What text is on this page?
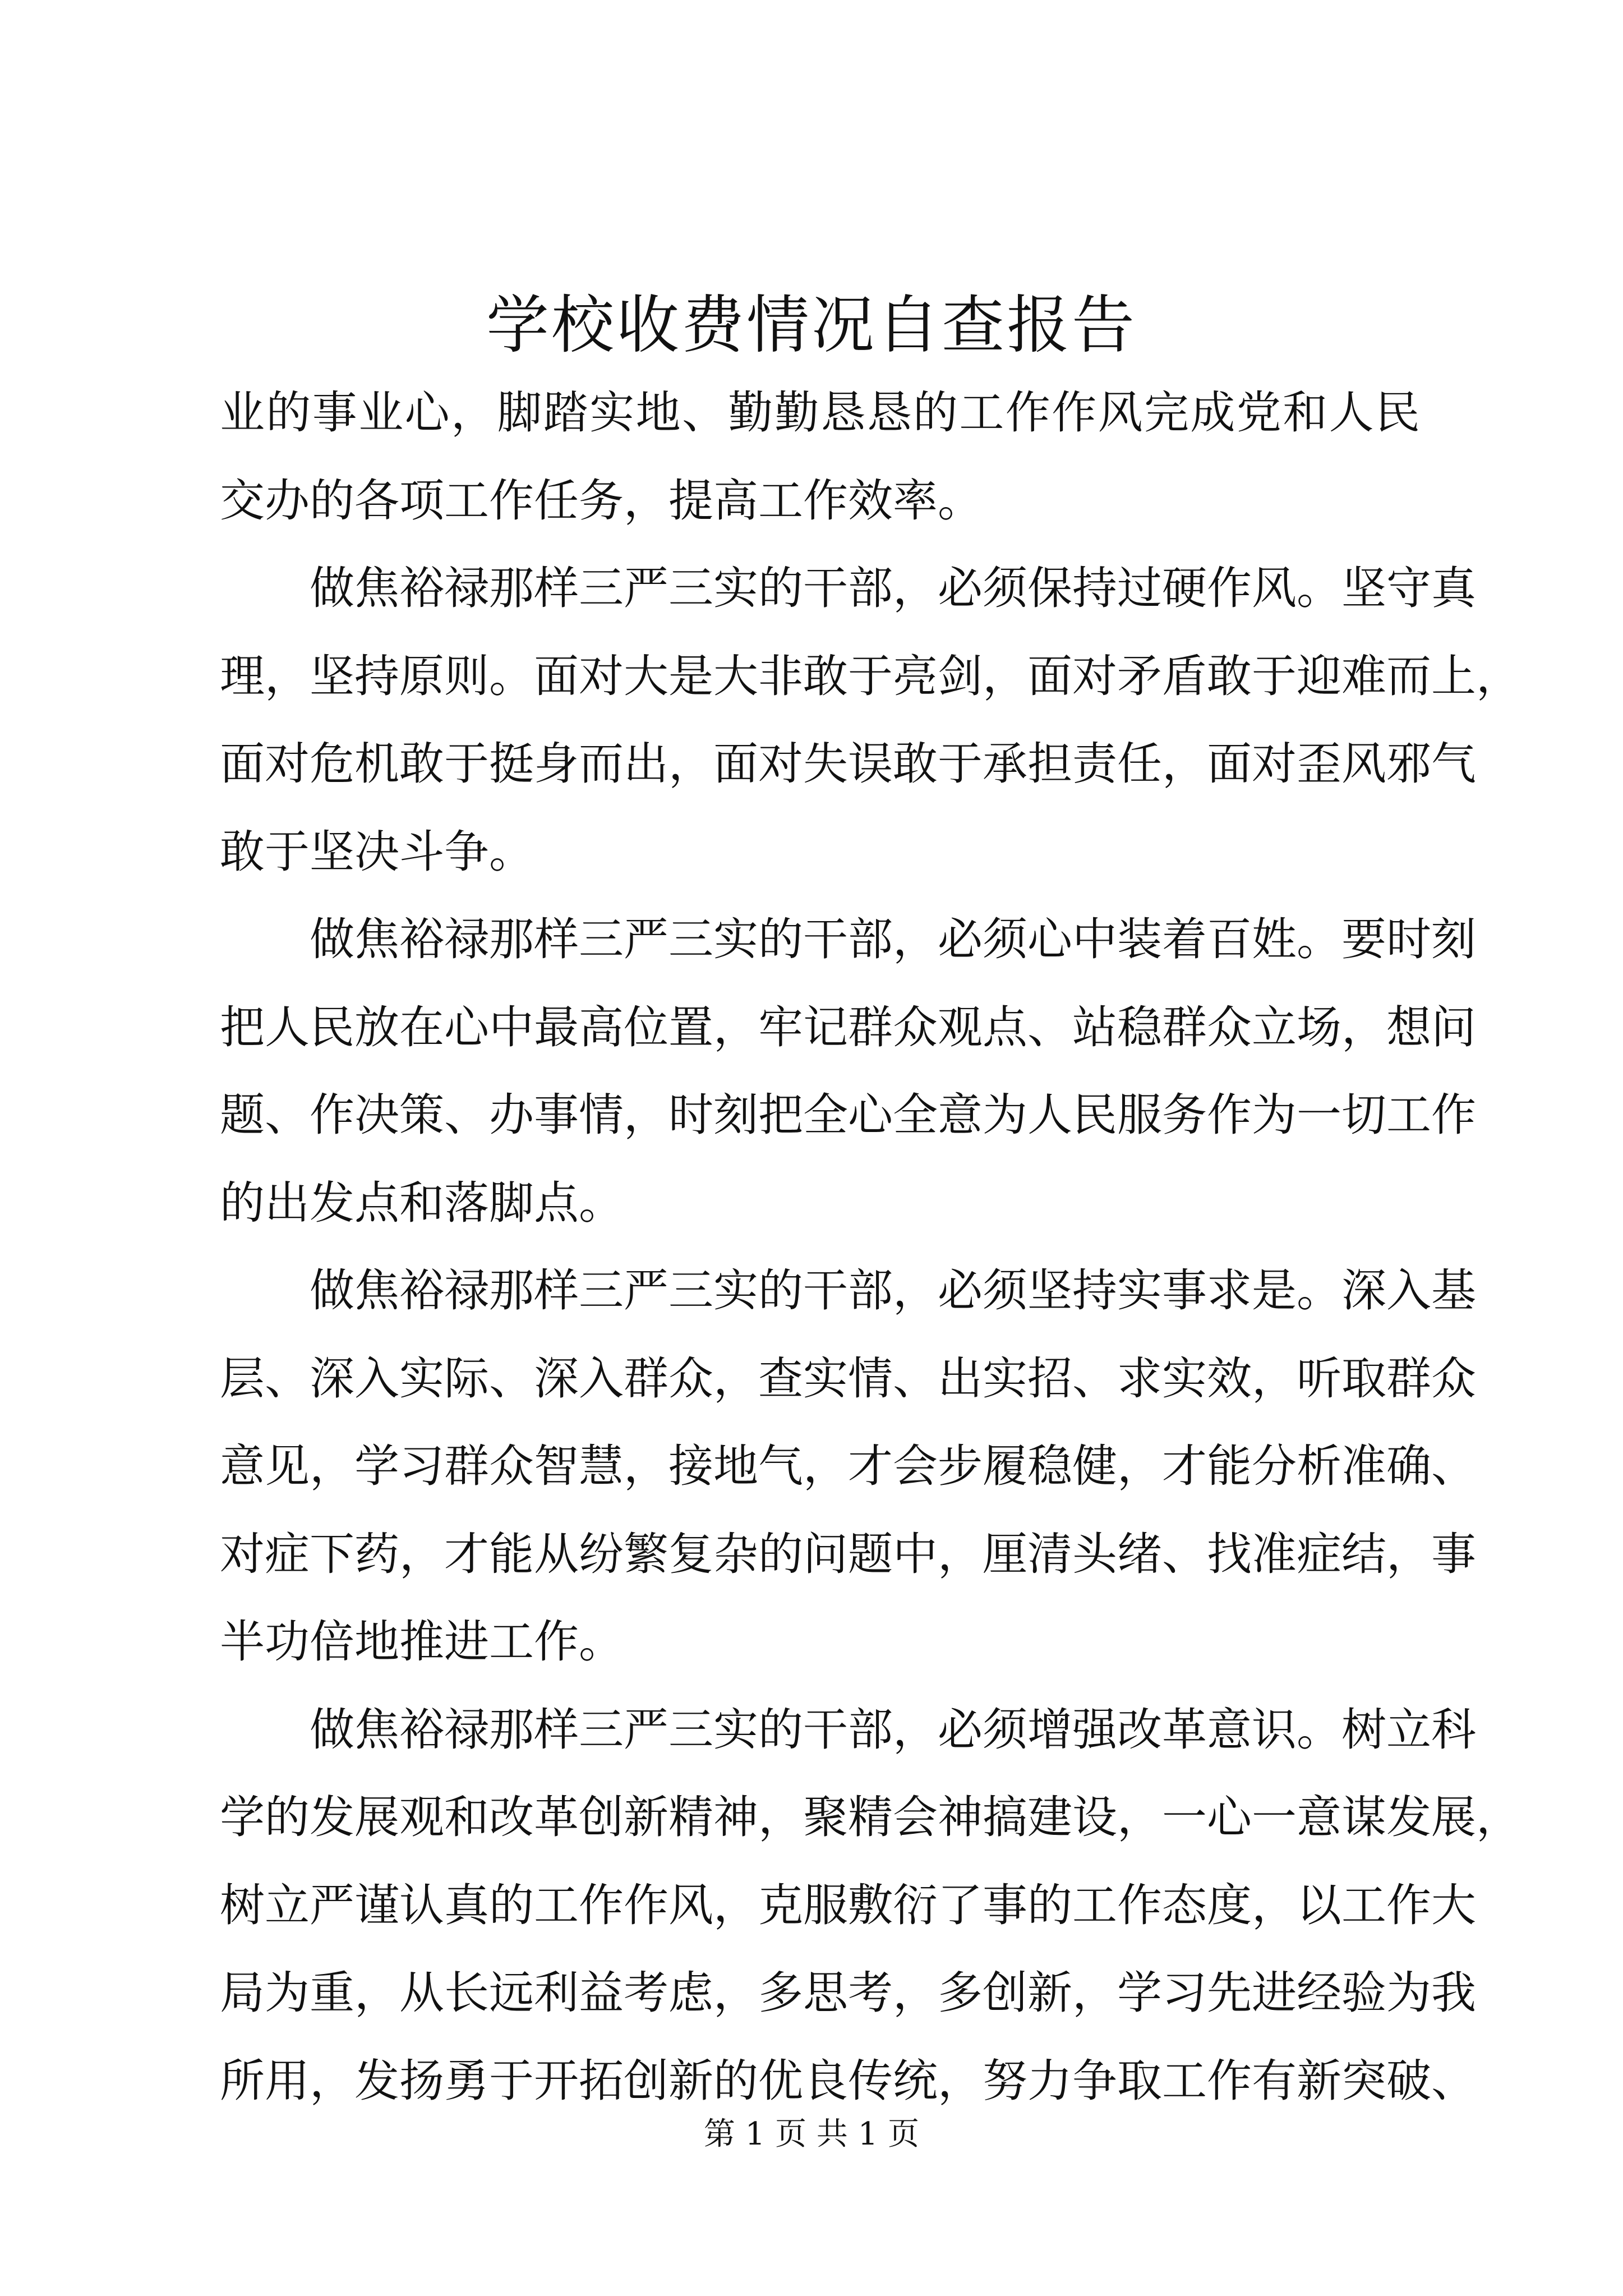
学校收费情况自查报告
业的事业心，脚踏实地、勤勤恳恳的工作作风完成党和人民
交办的各项工作任务，提高工作效率。
做焦裕禄那样三严三实的干部，必须保持过硬作风。坚守真
理，坚持原则。面对大是大非敢于亮剑，面对矛盾敢于迎难而上，
面对危机敢于挺身而出，面对失误敢于承担责任，面对歪风邪气
敢于坚决斗争。
做焦裕禄那样三严三实的干部，必须心中装着百姓。要时刻
把人民放在心中最高位置，牢记群众观点、站稳群众立场，想问
题、作决策、办事情，时刻把全心全意为人民服务作为一切工作
的出发点和落脚点。
做焦裕禄那样三严三实的干部，必须坚持实事求是。深入基
层、深入实际、深入群众，查实情、出实招、求实效，听取群众
意见，学习群众智慧，接地气，才会步履稳健，才能分析准确、
对症下药，才能从纷繁复杂的问题中，厘清头绪、找准症结，事
半功倍地推进工作。
做焦裕禄那样三严三实的干部，必须增强改革意识。树立科
学的发展观和改革创新精神，聚精会神搞建设，一心一意谋发展，
树立严谨认真的工作作风，克服敷衍了事的工作态度，以工作大
局为重，从长远利益考虑，多思考，多创新，学习先进经验为我
所用，发扬勇于开拓创新的优良传统，努力争取工作有新突破、
第 1 页 共 1 页
